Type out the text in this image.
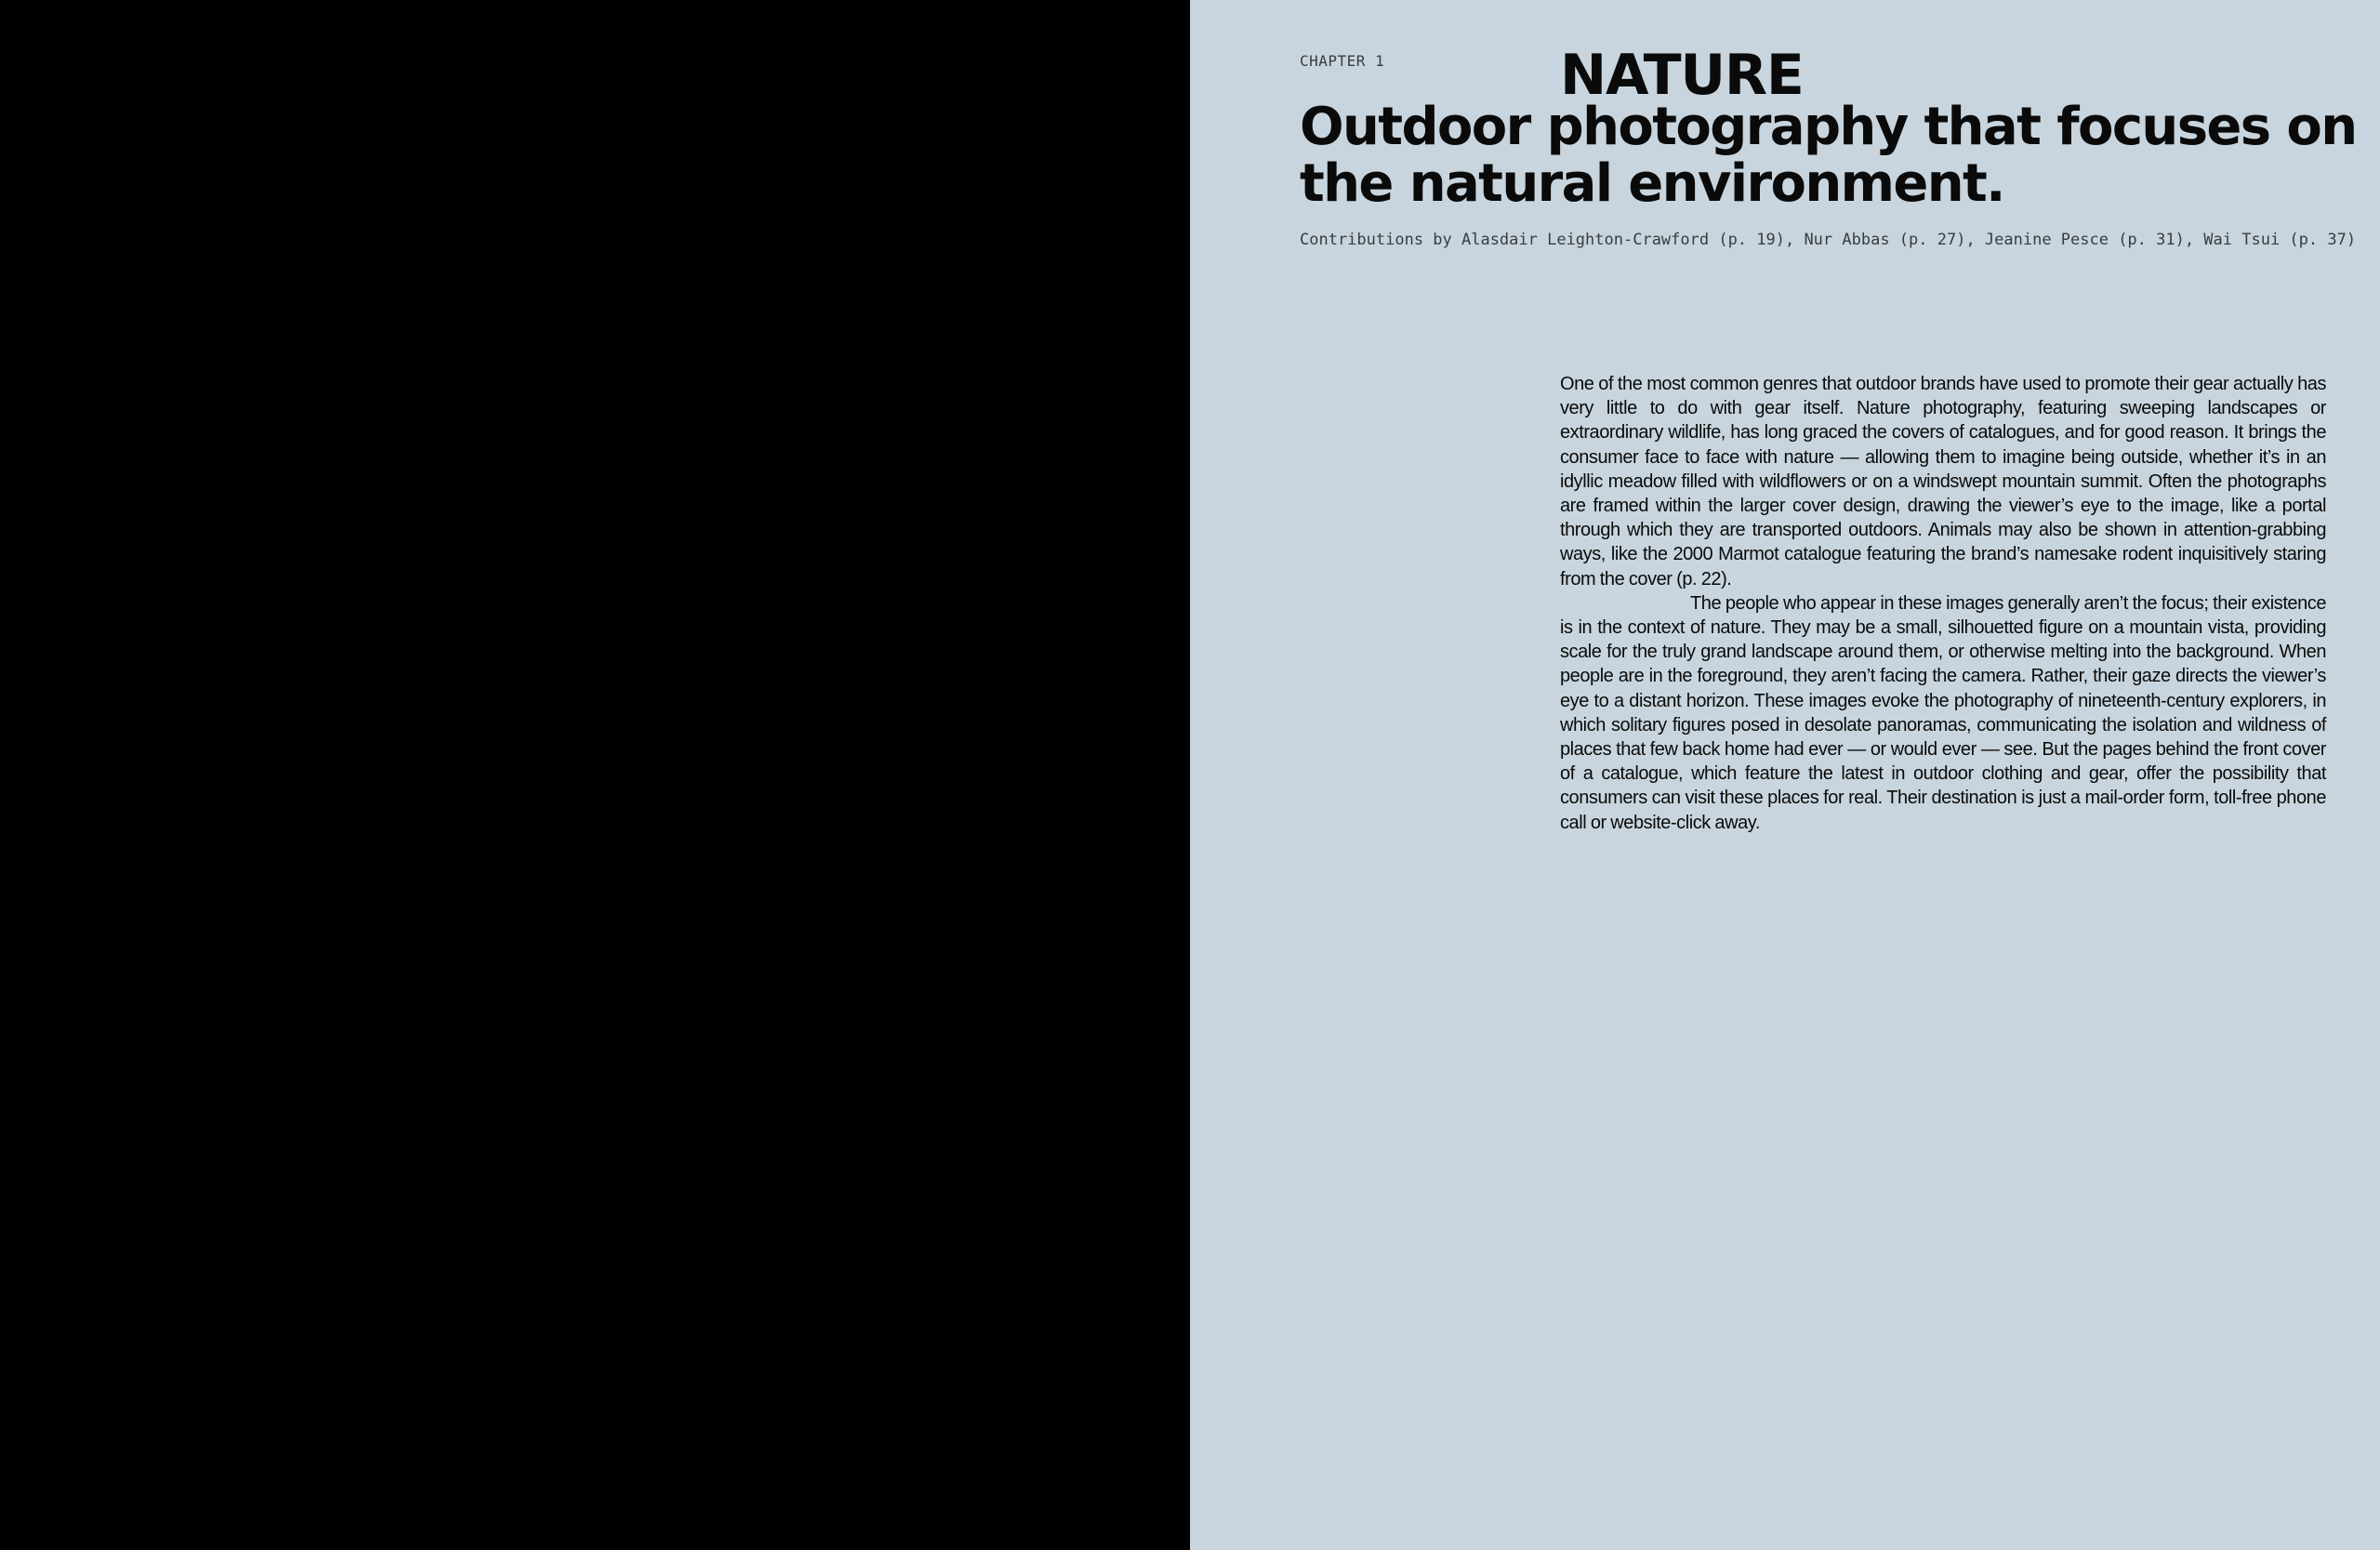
CHAPTER 1	NATURE
Outdoor photography that focuses on the natural environment.

Contributions by Alasdair Leighton-Crawford (p. 19), Nur Abbas (p. 27), Jeanine Pesce (p. 31), Wai Tsui (p. 37)

One of the most common genres that outdoor brands have used to promote their gear actually has very little to do with gear itself. Nature photography, featuring sweeping landscapes or extraordinary wildlife, has long graced the covers of catalogues, and for good reason. It brings the consumer face to face with nature — allowing them to imagine being outside, whether it’s in an idyllic meadow filled with wildflowers or on a windswept mountain summit. Often the photographs are framed within the larger cover design, drawing the viewer’s eye to the image, like a portal through which they are transported outdoors. Animals may also be shown in attention-grabbing ways, like the 2000 Marmot catalogue featuring the brand’s namesake rodent inquisitively staring from the cover (p. 22).

The people who appear in these images generally aren’t the focus; their existence is in the context of nature. They may be a small, silhouetted figure on a mountain vista, providing scale for the truly grand landscape around them, or otherwise melting into the background. When people are in the foreground, they aren’t facing the camera. Rather, their gaze directs the viewer’s eye to a distant horizon. These images evoke the photography of nineteenth-century explorers, in which solitary figures posed in desolate panoramas, communicating the isolation and wildness of places that few back home had ever — or would ever — see. But the pages behind the front cover of a catalogue, which feature the latest in outdoor clothing and gear, offer the possibility that consumers can visit these places for real. Their destination is just a mail-order form, toll-free phone call or website-click away.
